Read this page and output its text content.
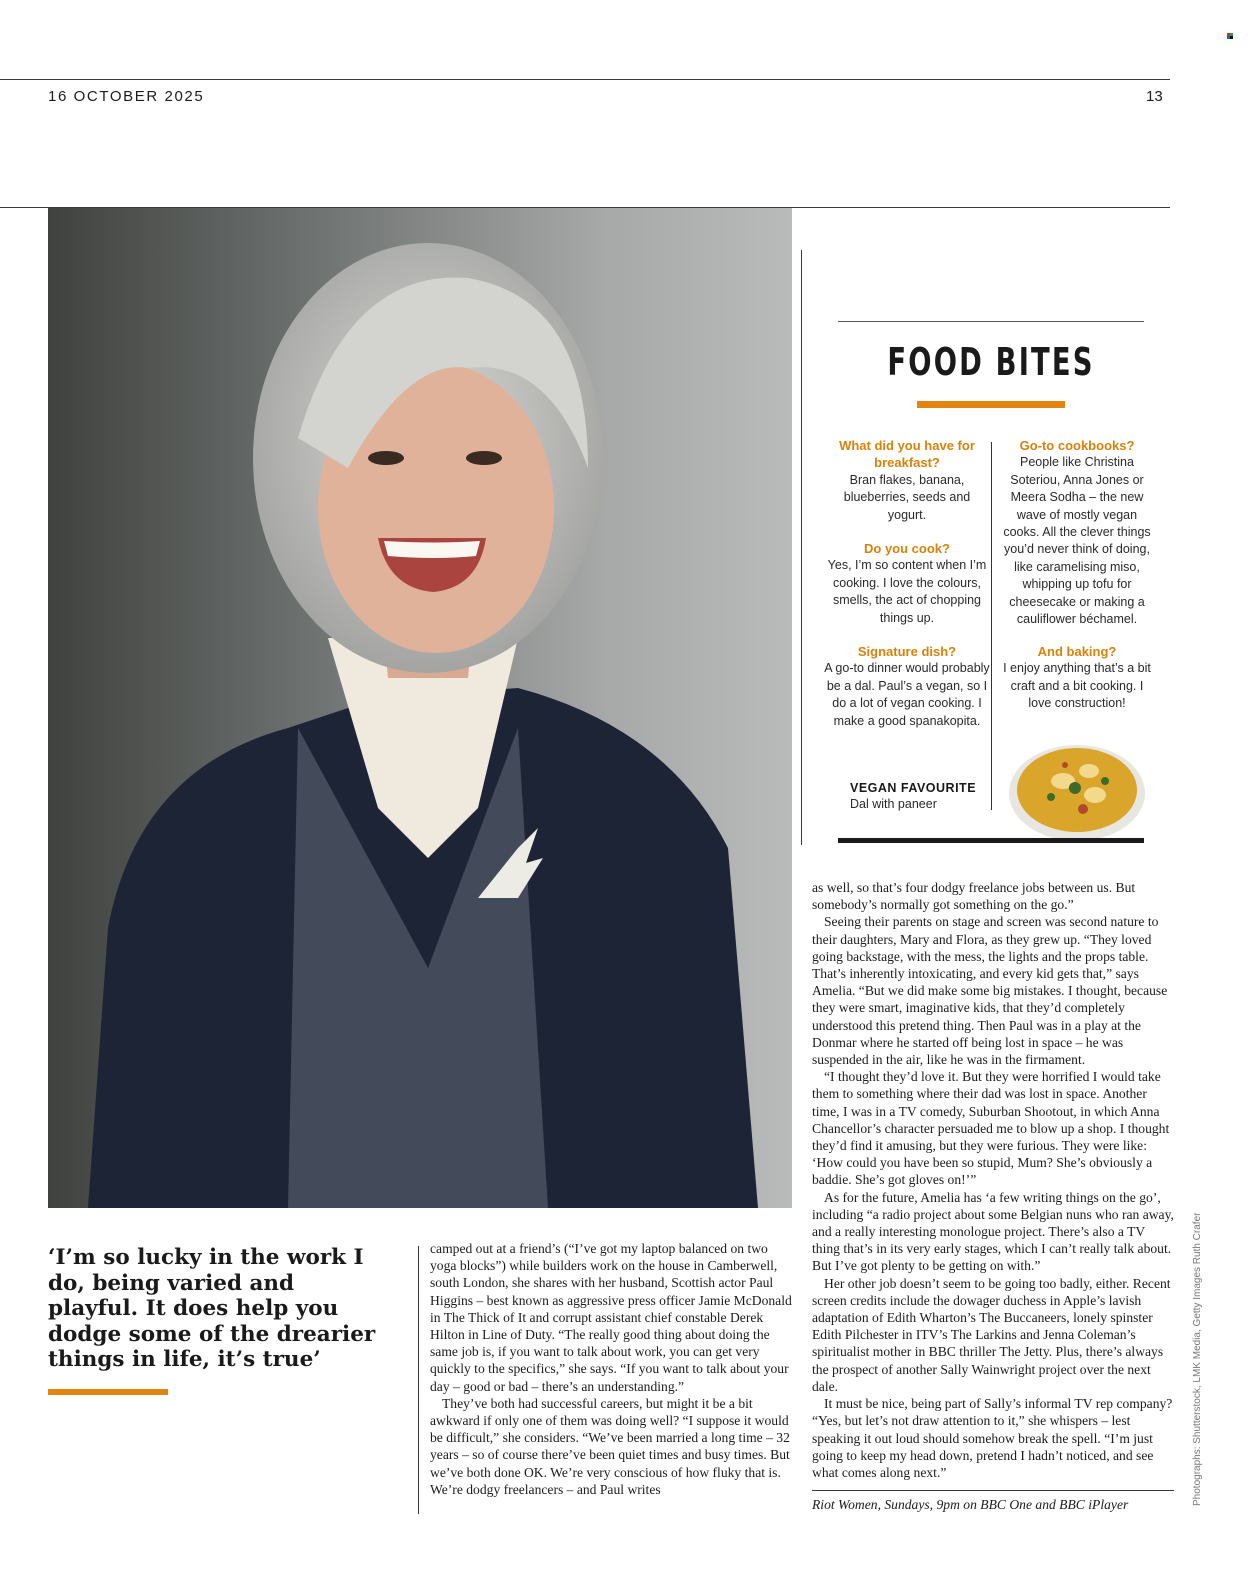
16 OCTOBER 2025	13
FOOD BITES
What did you have for breakfast?
Bran flakes, banana, blueberries, seeds and yogurt.
Do you cook?
Yes, I’m so content when I’m cooking. I love the colours, smells, the act of chopping things up.
Signature dish?
A go-to dinner would probably be a dal. Paul’s a vegan, so I do a lot of vegan cooking. I make a good spanakopita.
Go-to cookbooks?
People like Christina Soteriou, Anna Jones or Meera Sodha – the new wave of mostly vegan cooks. All the clever things you’d never think of doing, like caramelising miso, whipping up tofu for cheesecake or making a cauliflower béchamel.
And baking?
I enjoy anything that’s a bit craft and a bit cooking. I love construction!
VEGAN FAVOURITE
Dal with paneer
‘I’m so lucky in the work I do, being varied and playful. It does help you dodge some of the drearier things in life, it’s true’

camped out at a friend’s (“I’ve got my laptop balanced on two yoga blocks”) while builders work on the house in Camberwell, south London, she shares with her husband, Scottish actor Paul Higgins – best known as aggressive press officer Jamie McDonald in The Thick of It and corrupt assistant chief constable Derek Hilton in Line of Duty. “The really good thing about doing the same job is, if you want to talk about work, you can get very quickly to the specifics,” she says. “If you want to talk about your day – good or bad – there’s an understanding.”

They’ve both had successful careers, but might it be a bit awkward if only one of them was doing well? “I suppose it would be difficult,” she considers. “We’ve been married a long time – 32 years – so of course there’ve been quiet times and busy times. But we’ve both done OK. We’re very conscious of how fluky that is. We’re dodgy freelancers – and Paul writes

as well, so that’s four dodgy freelance jobs between us. But somebody’s normally got something on the go.”

Seeing their parents on stage and screen was second nature to their daughters, Mary and Flora, as they grew up. “They loved going backstage, with the mess, the lights and the props table. That’s inherently intoxicating, and every kid gets that,” says Amelia. “But we did make some big mistakes. I thought, because they were smart, imaginative kids, that they’d completely understood this pretend thing. Then Paul was in a play at the Donmar where he started off being lost in space – he was suspended in the air, like he was in the firmament.

“I thought they’d love it. But they were horrified I would take them to something where their dad was lost in space. Another time, I was in a TV comedy, Suburban Shootout, in which Anna Chancellor’s character persuaded me to blow up a shop. I thought they’d find it amusing, but they were furious. They were like: ‘How could you have been so stupid, Mum? She’s obviously a baddie. She’s got gloves on!’”

As for the future, Amelia has ‘a few writing things on the go’, including “a radio project about some Belgian nuns who ran away, and a really interesting monologue project. There’s also a TV thing that’s in its very early stages, which I can’t really talk about. But I’ve got plenty to be getting on with.”

Her other job doesn’t seem to be going too badly, either. Recent screen credits include the dowager duchess in Apple’s lavish adaptation of Edith Wharton’s The Buccaneers, lonely spinster Edith Pilchester in ITV’s The Larkins and Jenna Coleman’s spiritualist mother in BBC thriller The Jetty. Plus, there’s always the prospect of another Sally Wainwright project over the next dale.

It must be nice, being part of Sally’s informal TV rep company? “Yes, but let’s not draw attention to it,” she whispers – lest speaking it out loud should somehow break the spell. “I’m just going to keep my head down, pretend I hadn’t noticed, and see what comes along next.”

Riot Women, Sundays, 9pm on BBC One and BBC iPlayer	Photographs: Shutterstock, LMK Media, Getty Images Ruth Crafer
